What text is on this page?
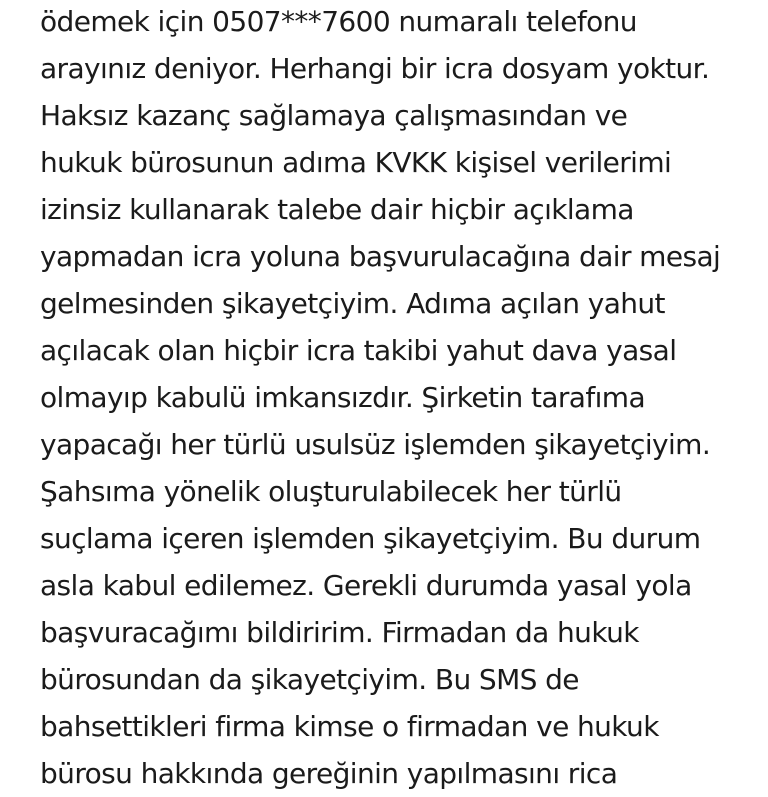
ödemek için 0507***7600 numaralı telefonu
arayınız deniyor. Herhangi bir icra dosyam yoktur.
Haksız kazanç sağlamaya çalışmasından ve
hukuk bürosunun adıma KVKK kişisel verilerimi
izinsiz kullanarak talebe dair hiçbir açıklama
yapmadan icra yoluna başvurulacağına dair mesaj
gelmesinden şikayetçiyim. Adıma açılan yahut
açılacak olan hiçbir icra takibi yahut dava yasal
olmayıp kabulü imkansızdır. Şirketin tarafıma
yapacağı her türlü usulsüz işlemden şikayetçiyim.
Şahsıma yönelik oluşturulabilecek her türlü
suçlama içeren işlemden şikayetçiyim. Bu durum
asla kabul edilemez. Gerekli durumda yasal yola
başvuracağımı bildiririm. Firmadan da hukuk
bürosundan da şikayetçiyim. Bu SMS de
bahsettikleri firma kimse o firmadan ve hukuk
bürosu hakkında gereğinin yapılmasını rica
